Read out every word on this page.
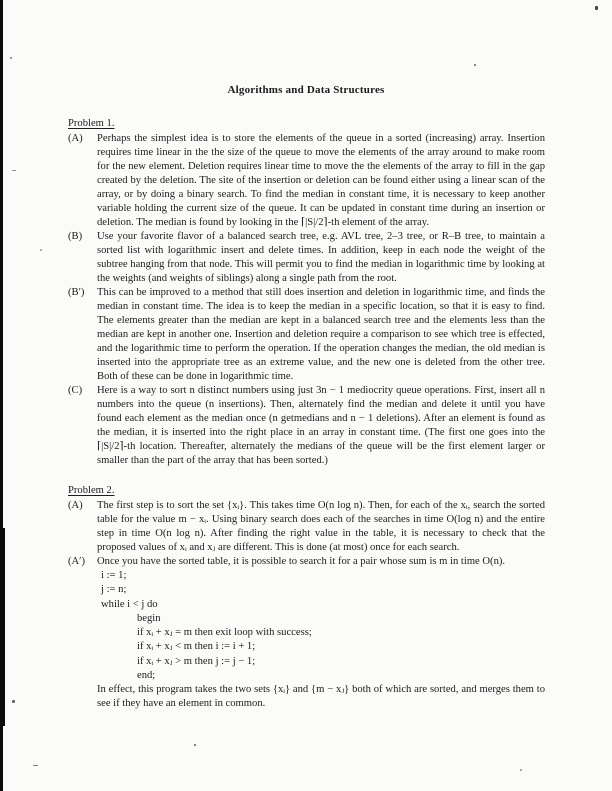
Algorithms and Data Structures
Problem 1.
(A)	Perhaps the simplest idea is to store the elements of the queue in a sorted (increasing) array. Insertion requires time linear in the the size of the queue to move the elements of the array around to make room for the new element. Deletion requires linear time to move the the elements of the array to fill in the gap created by the deletion. The site of the insertion or deletion can be found either using a linear scan of the array, or by doing a binary search. To find the median in constant time, it is necessary to keep another variable holding the current size of the queue. It can be updated in constant time during an insertion or deletion. The median is found by looking in the ⌈|S|/2⌉-th element of the array.
(B)	Use your favorite flavor of a balanced search tree, e.g. AVL tree, 2–3 tree, or R–B tree, to maintain a sorted list with logarithmic insert and delete times. In addition, keep in each node the weight of the subtree hanging from that node. This will permit you to find the median in logarithmic time by looking at the weights (and weights of siblings) along a single path from the root.
(B′)	This can be improved to a method that still does insertion and deletion in logarithmic time, and finds the median in constant time. The idea is to keep the median in a specific location, so that it is easy to find. The elements greater than the median are kept in a balanced search tree and the elements less than the median are kept in another one. Insertion and deletion require a comparison to see which tree is effected, and the logarithmic time to perform the operation. If the operation changes the median, the old median is inserted into the appropriate tree as an extreme value, and the new one is deleted from the other tree. Both of these can be done in logarithmic time.
(C)	Here is a way to sort n distinct numbers using just 3n − 1 mediocrity queue operations. First, insert all n numbers into the queue (n insertions). Then, alternately find the median and delete it until you have found each element as the median once (n getmedians and n − 1 deletions). After an element is found as the median, it is inserted into the right place in an array in constant time. (The first one goes into the ⌈|S|/2⌉-th location. Thereafter, alternately the medians of the queue will be the first element larger or smaller than the part of the array that has been sorted.)
Problem 2.
(A)	The first step is to sort the set {xᵢ}. This takes time O(n log n). Then, for each of the xᵢ, search the sorted table for the value m − xᵢ. Using binary search does each of the searches in time O(log n) and the entire step in time O(n log n). After finding the right value in the table, it is necessary to check that the proposed values of xᵢ and xⱼ are different. This is done (at most) once for each search.
(A′)	Once you have the sorted table, it is possible to search it for a pair whose sum is m in time O(n).
i := 1;
j := n;
while i < j do
begin
if xᵢ + xⱼ = m then exit loop with success;
if xᵢ + xⱼ < m then i := i + 1;
if xᵢ + xⱼ > m then j := j − 1;
end;
In effect, this program takes the two sets {xᵢ} and {m − xⱼ} both of which are sorted, and merges them to see if they have an element in common.
